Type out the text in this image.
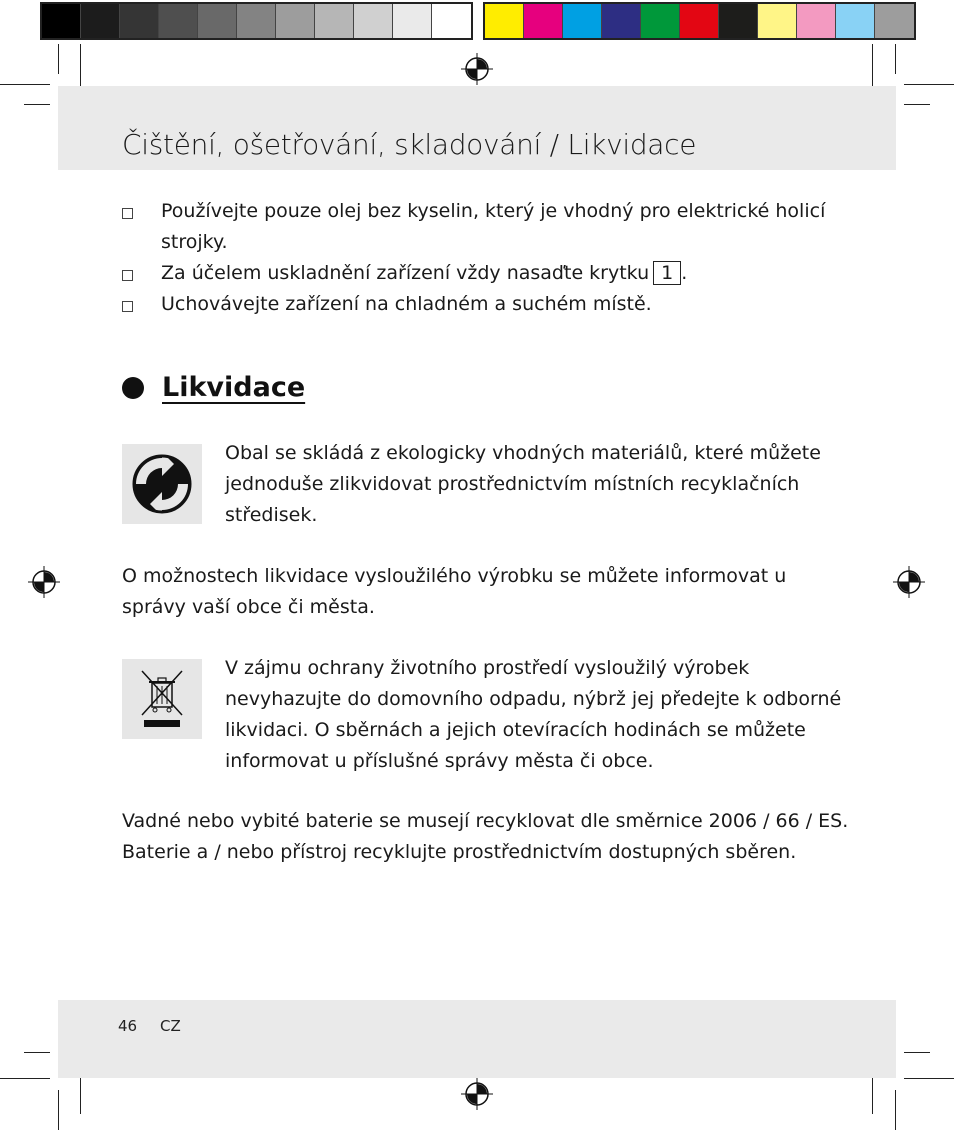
Čištění, ošetřování, skladování / Likvidace
Používejte pouze olej bez kyselin, který je vhodný pro elektrické holicí strojky.
Za účelem uskladnění zařízení vždy nasaďte krytku 1 .
Uchovávejte zařízení na chladném a suchém místě.
Likvidace
Obal se skládá z ekologicky vhodných materiálů, které můžete jednoduše zlikvidovat prostřednictvím místních recyklačních středisek.
O možnostech likvidace vysloužilého výrobku se můžete informovat u správy vaší obce či města.
V zájmu ochrany životního prostředí vysloužilý výrobek nevyhazujte do domovního odpadu, nýbrž jej předejte k odborné likvidaci. O sběrnách a jejich otevíracích hodinách se můžete informovat u příslušné správy města či obce.
Vadné nebo vybité baterie se musejí recyklovat dle směrnice 2006 / 66 / ES. Baterie a / nebo přístroj recyklujte prostřednictvím dostupných sběren.
46 CZ
